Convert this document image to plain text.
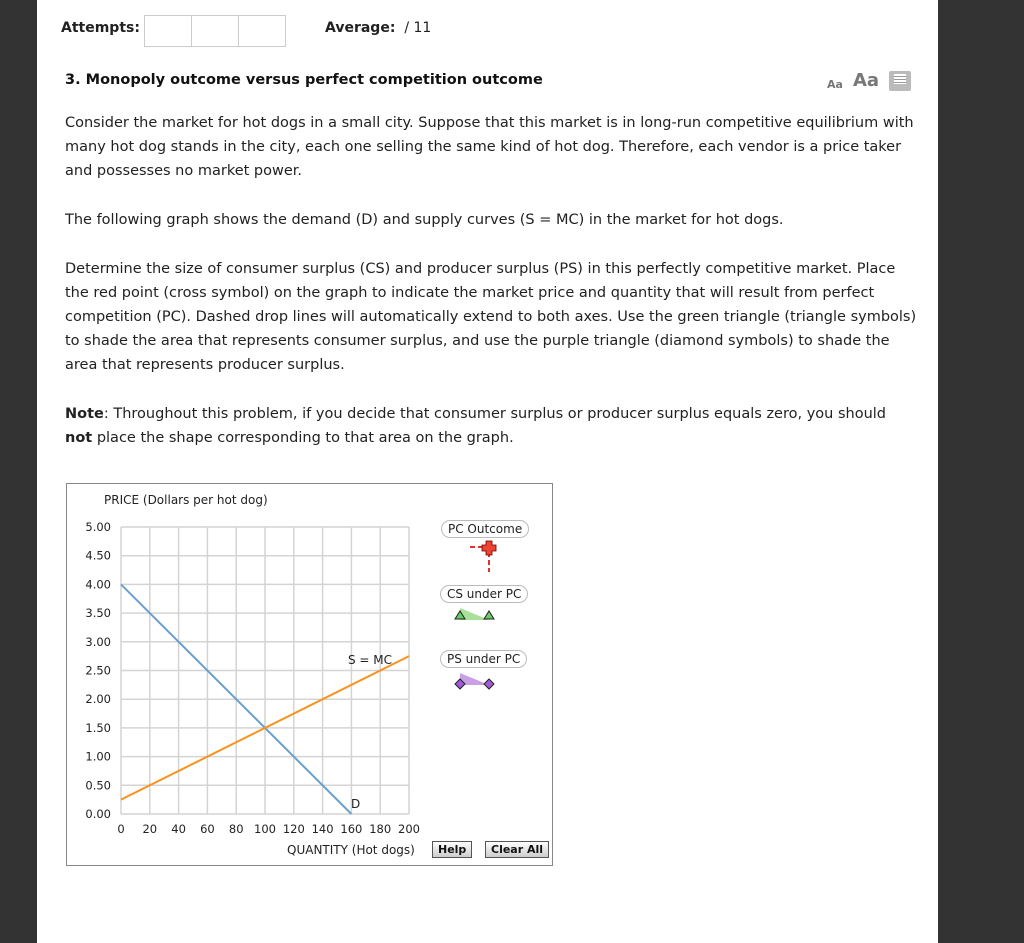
Attempts:	Average: / 11
3. Monopoly outcome versus perfect competition outcome	Aa Aa
Consider the market for hot dogs in a small city. Suppose that this market is in long-run competitive equilibrium with many hot dog stands in the city, each one selling the same kind of hot dog. Therefore, each vendor is a price taker and possesses no market power.
The following graph shows the demand (D) and supply curves (S = MC) in the market for hot dogs.
Determine the size of consumer surplus (CS) and producer surplus (PS) in this perfectly competitive market. Place the red point (cross symbol) on the graph to indicate the market price and quantity that will result from perfect competition (PC). Dashed drop lines will automatically extend to both axes. Use the green triangle (triangle symbols) to shade the area that represents consumer surplus, and use the purple triangle (diamond symbols) to shade the area that represents producer surplus.
Note: Throughout this problem, if you decide that consumer surplus or producer surplus equals zero, you should not place the shape corresponding to that area on the graph.
PRICE (Dollars per hot dog)
QUANTITY (Hot dogs)
0 20 40 60 80 100 120 140 160 180 200
0.00
0.50
1.00
1.50
2.00
2.50
3.00
3.50
4.00
4.50
5.00
S = MC
D
PC Outcome
CS under PC
PS under PC
Help	Clear All
